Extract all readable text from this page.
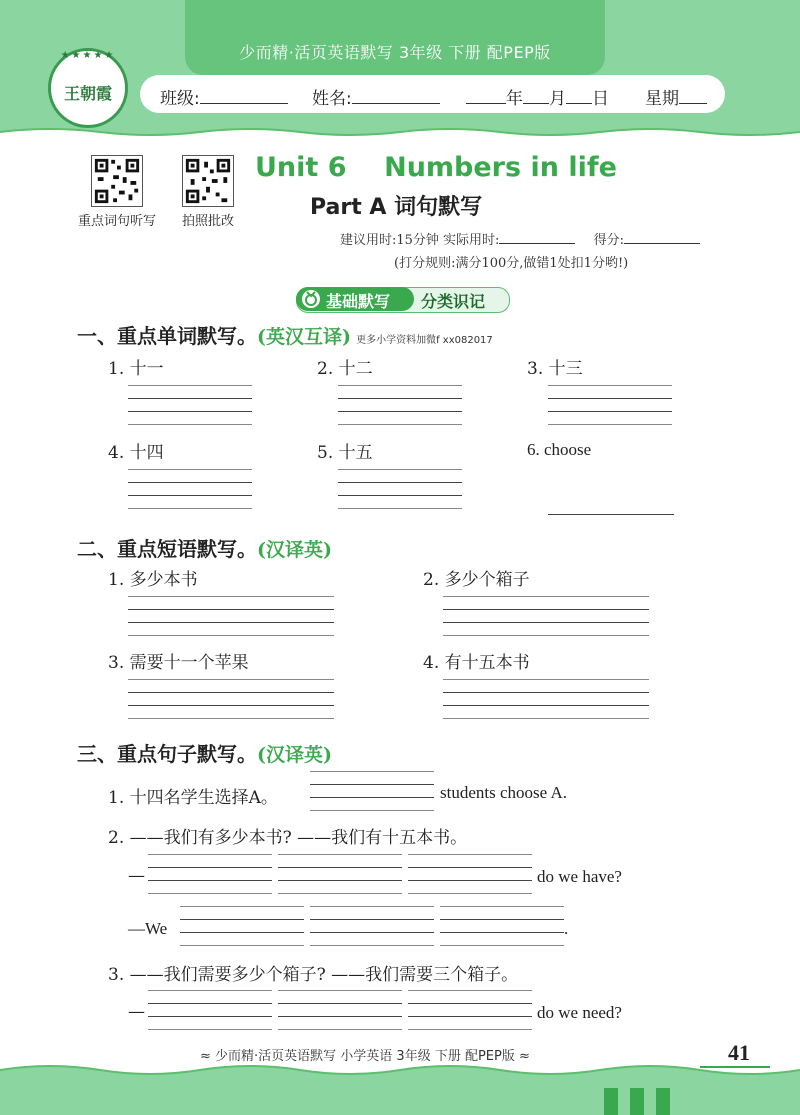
少而精·活页英语默写 3年级 下册 配PEP版
★★★★★
王朝霞	班级:	姓名:	年 月 日 星期
重点词句听写	拍照批改
Unit 6    Numbers in life
Part A 词句默写
建议用时:15分钟 实际用时:	得分:
(打分规则:满分100分,做错1处扣1分哟!)
基础默写 分类识记
一、重点单词默写。(英汉互译) 更多小学资料加微f xx082017
1. 十一	2. 十二	3. 十三
4. 十四	5. 十五	6. choose
二、重点短语默写。(汉译英)
1. 多少本书	2. 多少个箱子
3. 需要十一个苹果	4. 有十五本书
三、重点句子默写。(汉译英)
1. 十四名学生选择A。	students choose A.
2. ——我们有多少本书? ——我们有十五本书。
—	do we have?
—We	.
3. ——我们需要多少个箱子? ——我们需要三个箱子。
—	do we need?
≈ 少而精·活页英语默写 小学英语 3年级 下册 配PEP版 ≈	41
